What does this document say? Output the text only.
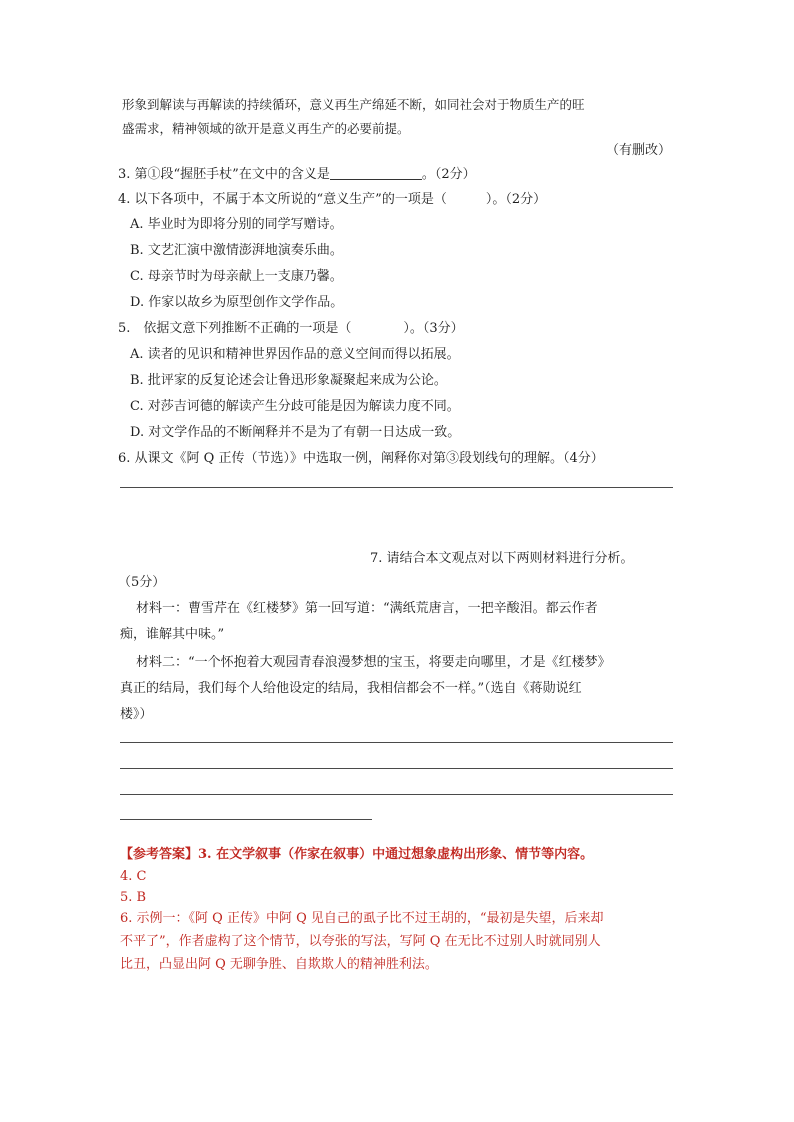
形象到解读与再解读的持续循环，意义再生产绵延不断，如同社会对于物质生产的旺
盛需求，精神领域的欲开是意义再生产的必要前提。
（有删改）
3. 第①段“握胚手杖”在文中的含义是	。（2分）
4. 以下各项中，不属于本文所说的“意义生产”的一项是（　　　）。（2分）
A. 毕业时为即将分别的同学写赠诗。
B. 文艺汇演中激情澎湃地演奏乐曲。
C. 母亲节时为母亲献上一支康乃馨。
D. 作家以故乡为原型创作文学作品。
5.　依据文意下列推断不正确的一项是（　　　　）。（3分）
A. 读者的见识和精神世界因作品的意义空间而得以拓展。
B. 批评家的反复论述会让鲁迅形象凝聚起来成为公论。
C. 对莎吉诃德的解读产生分歧可能是因为解读力度不同。
D. 对文学作品的不断阐释并不是为了有朝一日达成一致。
6. 从课文《阿 Q 正传（节选）》中选取一例，阐释你对第③段划线句的理解。（4分）
7. 请结合本文观点对以下两则材料进行分析。
（5分）
材料一：曹雪芹在《红楼梦》第一回写道：“满纸荒唐言，一把辛酸泪。都云作者
痴，谁解其中味。”
材料二：“一个怀抱着大观园青春浪漫梦想的宝玉，将要走向哪里，才是《红楼梦》
真正的结局，我们每个人给他设定的结局，我相信都会不一样。”（选自《蒋勋说红
楼》）
【参考答案】3. 在文学叙事（作家在叙事）中通过想象虚构出形象、情节等内容。
4. C
5. B
6. 示例一：《阿 Q 正传》中阿 Q 见自己的虱子比不过王胡的，“最初是失望，后来却
不平了”，作者虚构了这个情节，以夸张的写法，写阿 Q 在无比不过别人时就同别人
比丑，凸显出阿 Q 无聊争胜、自欺欺人的精神胜利法。
